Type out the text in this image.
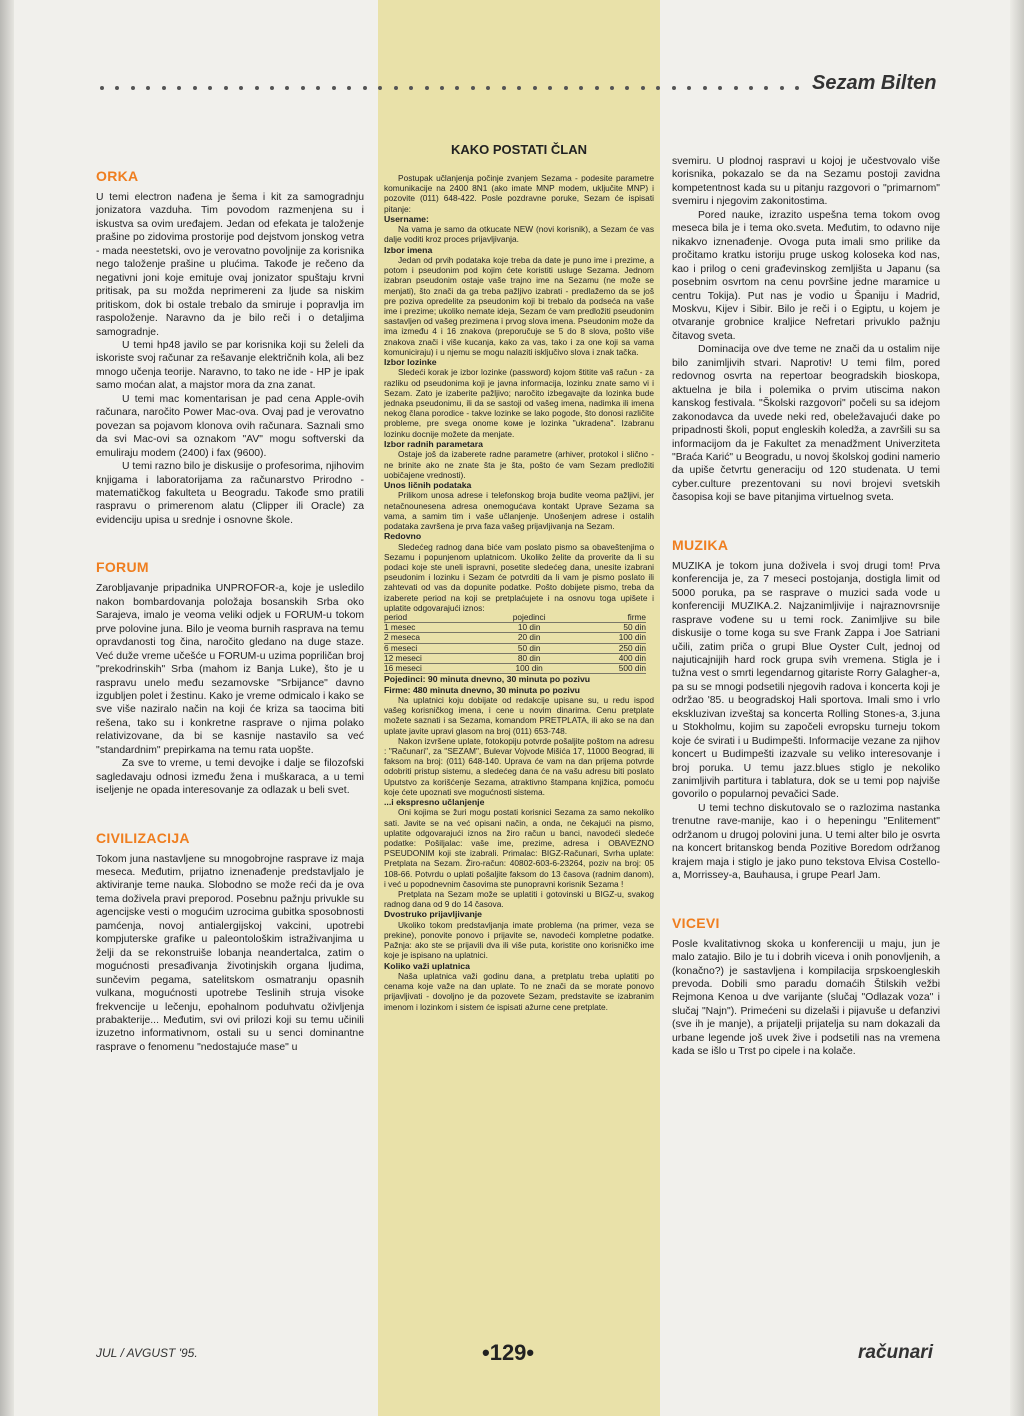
Sezam Bilten
ORKA

U temi electron nađena je šema i kit za samogradnju jonizatora vazduha. Tim povodom razmenjena su i iskustva sa ovim uređajem. Jedan od efekata je taloženje prašine po zidovima prostorije pod dejstvom jonskog vetra - mada neestetski, ovo je verovatno povoljnije za korisnika nego taloženje prašine u plućima. Takođe je rečeno da negativni joni koje emituje ovaj jonizator spuštaju krvni pritisak, pa su možda neprimereni za ljude sa niskim pritiskom, dok bi ostale trebalo da smiruje i popravlja im raspoloženje. Naravno da je bilo reči i o detaljima samogradnje.

U temi hp48 javilo se par korisnika koji su želeli da iskoriste svoj računar za rešavanje električnih kola, ali bez mnogo učenja teorije. Naravno, to tako ne ide - HP je ipak samo moćan alat, a majstor mora da zna zanat.

U temi mac komentarisan je pad cena Apple-ovih računara, naročito Power Mac-ova. Ovaj pad je verovatno povezan sa pojavom klonova ovih računara. Saznali smo da svi Mac-ovi sa oznakom "AV" mogu softverski da emuliraju modem (2400) i fax (9600).

U temi razno bilo je diskusije o profesorima, njihovim knjigama i laboratorijama za računarstvo Prirodno - matematičkog fakulteta u Beogradu. Takođe smo pratili raspravu o primerenom alatu (Clipper ili Oracle) za evidenciju upisa u srednje i osnovne škole.

FORUM

Zarobljavanje pripadnika UNPROFOR-a, koje je usledilo nakon bombardovanja položaja bosanskih Srba oko Sarajeva, imalo je veoma veliki odjek u FORUM-u tokom prve polovine juna. Bilo je veoma burnih rasprava na temu opravdanosti tog čina, naročito gledano na duge staze. Već duže vreme učešće u FORUM-u uzima popriličan broj "prekodrinskih" Srba (mahom iz Banja Luke), što je u raspravu unelo među sezamovske "Srbijance" davno izgubljen polet i žestinu. Kako je vreme odmicalo i kako se sve više naziralo način na koji će kriza sa taocima biti rešena, tako su i konkretne rasprave o njima polako relativizovane, da bi se kasnije nastavilo sa već "standardnim" prepirkama na temu rata uopšte.

Za sve to vreme, u temi devojke i dalje se filozofski sagledavaju odnosi između žena i muškaraca, a u temi iseljenje ne opada interesovanje za odlazak u beli svet.

CIVILIZACIJA

Tokom juna nastavljene su mnogobrojne rasprave iz maja meseca. Međutim, prijatno iznenađenje predstavljalo je aktiviranje teme nauka. Slobodno se može reći da je ova tema doživela pravi preporod. Posebnu pažnju privukle su agencijske vesti o mogućim uzrocima gubitka sposobnosti pamćenja, novoj antialergijskoj vakcini, upotrebi kompjuterske grafike u paleontološkim istraživanjima u želji da se rekonstruiše lobanja neandertalca, zatim o mogućnosti presađivanja životinjskih organa ljudima, sunčevim pegama, satelitskom osmatranju opasnih vulkana, mogućnosti upotrebe Teslinih struja visoke frekvencije u lečenju, epohalnom poduhvatu oživljenja prabakterije... Međutim, svi ovi prilozi koji su temu učinili izuzetno informativnom, ostali su u senci dominantne rasprave o fenomenu "nedostajuće mase" u

KAKO POSTATI ČLAN

Postupak učlanjenja počinje zvanjem Sezama - podesite parametre komunikacije na 2400 8N1 (ako imate MNP modem, uključite MNP) i pozovite (011) 648-422. Posle pozdravne poruke, Sezam će ispisati pitanje:

Username:

Na vama je samo da otkucate NEW (novi korisnik), a Sezam će vas dalje voditi kroz proces prijavljivanja.

Izbor imena

Jedan od prvih podataka koje treba da date je puno ime i prezime, a potom i pseudonim pod kojim ćete koristiti usluge Sezama. Jednom izabran pseudonim ostaje vaše trajno ime na Sezamu (ne može se menjati), što znači da ga treba pažljivo izabrati - predlažemo da se još pre poziva opredelite za pseudonim koji bi trebalo da podseća na vaše ime i prezime; ukoliko nemate ideja, Sezam će vam predložiti pseudonim sastavljen od vašeg prezimena i prvog slova imena. Pseudonim može da ima između 4 i 16 znakova (preporučuje se 5 do 8 slova, pošto više znakova znači i više kucanja, kako za vas, tako i za one koji sa vama komuniciraju) i u njemu se mogu nalaziti isključivo slova i znak tačka.

Izbor lozinke

Sledeći korak je izbor lozinke (password) kojom štitite vaš račun - za razliku od pseudonima koji je javna informacija, lozinku znate samo vi i Sezam. Zato je izaberite pažljivo; naročito izbegavajte da lozinka bude jednaka pseudonimu, ili da se sastoji od vašeg imena, nadimka ili imena nekog člana porodice - takve lozinke se lako pogode, što donosi različite probleme, pre svega onome koме je lozinka "ukradena". Izabranu lozinku docnije možete da menjate.

Izbor radnih parametara

Ostaje još da izaberete radne parametre (arhiver, protokol i slično - ne brinite ako ne znate šta je šta, pošto će vam Sezam predložiti uobičajene vrednosti).

Unos ličnih podataka

Prilikom unosa adrese i telefonskog broja budite veoma pažljivi, jer netačnounesena adresa onemogućava kontakt Uprave Sezama sa vama, a samim tim i vaše učlanjenje. Unošenjem adrese i ostalih podataka završena je prva faza vašeg prijavljivanja na Sezam.

Redovno

Sledećeg radnog dana biće vam poslato pismo sa obaveštenjima o Sezamu i popunjenom uplatnicom. Ukoliko želite da proverite da li su podaci koje ste uneli ispravni, posetite sledećeg dana, unesite izabrani pseudonim i lozinku i Sezam će potvrditi da li vam je pismo poslato ili zahtevati od vas da dopunite podatke. Pošto dobijete pismo, treba da izaberete period na koji se pretplaćujete i na osnovu toga upišete i uplatite odgovarajući iznos:

period	pojedinci	firme
1 mesec	10 din	50 din
2 meseca	20 din	100 din
6 meseci	50 din	250 din
12 meseci	80 din	400 din
16 meseci	100 din	500 din
Pojedinci: 90 minuta dnevno, 30 minuta po pozivu
Firme: 480 minuta dnevno, 30 minuta po pozivu

Na uplatnici koju dobijate od redakcije upisane su, u redu ispod vašeg korisničkog imena, i cene u novim dinarima. Cenu pretplate možete saznati i sa Sezama, komandom PRETPLATA, ili ako se na dan uplate javite upravi glasom na broj (011) 653-748.

Nakon izvršene uplate, fotokopiju potvrde pošaljite poštom na adresu : "Računari", za "SEZAM", Bulevar Vojvode Mišića 17, 11000 Beograd, ili faksom na broj: (011) 648-140. Uprava će vam na dan prijema potvrde odobriti pristup sistemu, a sledećeg dana će na vašu adresu biti poslato Uputstvo za korišćenje Sezama, atraktivno štampana knjižica, pomoću koje ćete upoznati sve mogućnosti sistema.

...i ekspresno učlanjenje

Oni kojima se žuri mogu postati korisnici Sezama za samo nekoliko sati. Javite se na već opisani način, a onda, ne čekajući na pismo, uplatite odgovarajući iznos na žiro račun u banci, navodeći sledeće podatke: Pošiljalac: vaše ime, prezime, adresa i OBAVEZNO PSEUDONIM koji ste izabrali. Primalac: BIGZ-Računari, Svrha uplate: Pretplata na Sezam. Žiro-račun: 40802-603-6-23264, poziv na broj: 05 108-66. Potvrdu o uplati pošaljite faksom do 13 časova (radnim danom), i već u popodnevnim časovima ste punopravni korisnik Sezama !

Pretplata na Sezam može se uplatiti i gotovinski u BIGZ-u, svakog radnog dana od 9 do 14 časova.

Dvostruko prijavljivanje

Ukoliko tokom predstavljanja imate problema (na primer, veza se prekine), ponovite ponovo i prijavite se, navodeći kompletne podatke. Pažnja: ako ste se prijavili dva ili više puta, koristite ono korisničko ime koje je ispisano na uplatnici.

Koliko važi uplatnica

Naša uplatnica važi godinu dana, a pretplatu treba uplatiti po cenama koje važe na dan uplate. To ne znači da se morate ponovo prijavljivati - dovoljno je da pozovete Sezam, predstavite se izabranim imenom i lozinkom i sistem će ispisati ažurne cene pretplate.

svemiru. U plodnoj raspravi u kojoj je učestvovalo više korisnika, pokazalo se da na Sezamu postoji zavidna kompetentnost kada su u pitanju razgovori o "primarnom" svemiru i njegovim zakonitostima.

Pored nauke, izrazito uspešna tema tokom ovog meseca bila je i tema oko.sveta. Međutim, to odavno nije nikakvo iznenađenje. Ovoga puta imali smo prilike da pročitamo kratku istoriju pruge uskog koloseka kod nas, kao i prilog o ceni građevinskog zemljišta u Japanu (sa posebnim osvrtom na cenu površine jedne maramice u centru Tokija). Put nas je vodio u Španiju i Madrid, Moskvu, Kijev i Sibir. Bilo je reči i o Egiptu, u kojem je otvaranje grobnice kraljice Nefretari privuklo pažnju čitavog sveta.

Dominacija ove dve teme ne znači da u ostalim nije bilo zanimljivih stvari. Naprotiv! U temi film, pored redovnog osvrta na repertoar beogradskih bioskopa, aktuelna je bila i polemika o prvim utiscima nakon kanskog festivala. "Školski razgovori" počeli su sa idejom zakonodavca da uvede neki red, obeležavajući dake po pripadnosti školi, poput engleskih koledža, a završili su sa informacijom da je Fakultet za menadžment Univerziteta "Braća Karić" u Beogradu, u novoj školskoj godini namerio da upiše četvrtu generaciju od 120 studenata. U temi cyber.culture prezentovani su novi brojevi svetskih časopisa koji se bave pitanjima virtuelnog sveta.

MUZIKA

MUZIKA je tokom juna doživela i svoj drugi tom! Prva konferencija je, za 7 meseci postojanja, dostigla limit od 5000 poruka, pa se rasprave o muzici sada vode u konferenciji MUZIKA.2. Najzanimljivije i najraznovrsnije rasprave vođene su u temi rock. Zanimljive su bile diskusije o tome koga su sve Frank Zappa i Joe Satriani učili, zatim priča o grupi Blue Oyster Cult, jednoj od najuticajnijih hard rock grupa svih vremena. Stigla je i tužna vest o smrti legendarnog gitariste Rorry Galagher-a, pa su se mnogi podsetili njegovih radova i koncerta koji je održao '85. u beogradskoj Hali sportova. Imali smo i vrlo ekskluzivan izveštaj sa koncerta Rolling Stones-a, 3.juna u Stokholmu, kojim su započeli evropsku turneju tokom koje će svirati i u Budimpešti. Informacije vezane za njihov koncert u Budimpešti izazvale su veliko interesovanje i broj poruka. U temu jazz.blues stiglo je nekoliko zanimljivih partitura i tablatura, dok se u temi pop najviše govorilo o popularnoj pevačici Sade.

U temi techno diskutovalo se o razlozima nastanka trenutne rave-manije, kao i o hepeningu "Enlitement" održanom u drugoj polovini juna. U temi alter bilo je osvrta na koncert britanskog benda Pozitive Boredom održanog krajem maja i stiglo je jako puno tekstova Elvisa Costello-a, Morrissey-a, Bauhausa, i grupe Pearl Jam.

VICEVI

Posle kvalitativnog skoka u konferenciji u maju, jun je malo zatajio. Bilo je tu i dobrih viceva i onih ponovljenih, a (konačno?) je sastavljena i kompilacija srpskoengleskih prevoda. Dobili smo paradu domaćih Štilskih vežbi Rejmona Kenoa u dve varijante (slučaj "Odlazak voza" i slučaj "Najn"). Primećeni su dizelaši i pijavuše u defanzivi (sve ih je manje), a prijatelji prijatelja su nam dokazali da urbane legende još uvek žive i podsetili nas na vremena kada se išlo u Trst po cipele i na kolače.

JUL / AVGUST '95.	•129•	računari
